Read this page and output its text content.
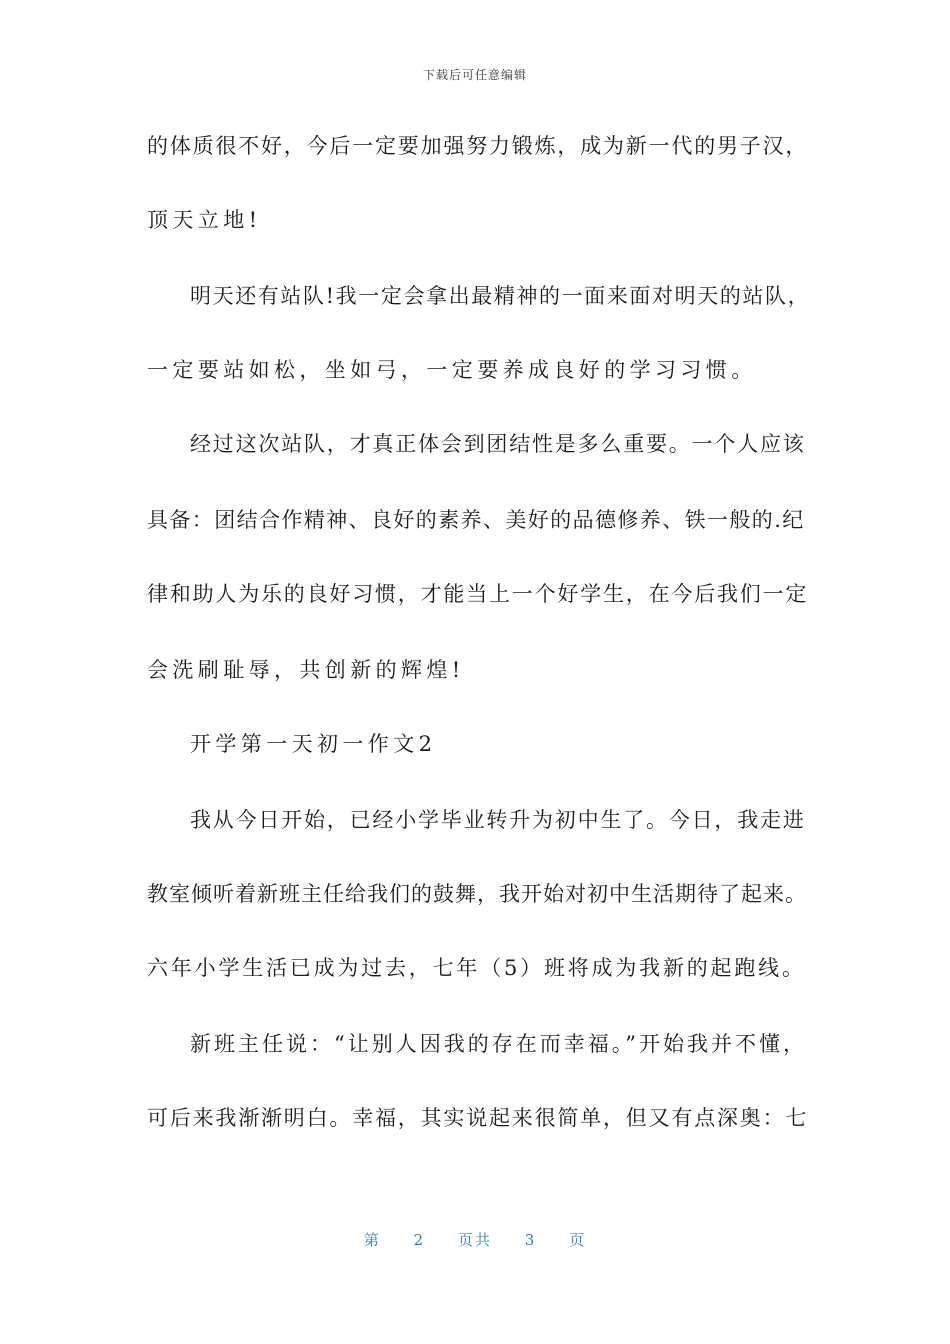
下载后可任意编辑
的体质很不好，今后一定要加强努力锻炼，成为新一代的男子汉，
顶天立地!
明天还有站队!我一定会拿出最精神的一面来面对明天的站队，
一定要站如松，坐如弓，一定要养成良好的学习习惯。
经过这次站队，才真正体会到团结性是多么重要。一个人应该
具备：团结合作精神、良好的素养、美好的品德修养、铁一般的.纪
律和助人为乐的良好习惯，才能当上一个好学生，在今后我们一定
会洗刷耻辱，共创新的辉煌!
开学第一天初一作文2
我从今日开始，已经小学毕业转升为初中生了。今日，我走进
教室倾听着新班主任给我们的鼓舞，我开始对初中生活期待了起来。
六年小学生活已成为过去，七年（5）班将成为我新的起跑线。
新班主任说：“让别人因我的存在而幸福。”开始我并不懂，
可后来我渐渐明白。幸福，其实说起来很简单，但又有点深奥：七
第 2 页共 3 页
